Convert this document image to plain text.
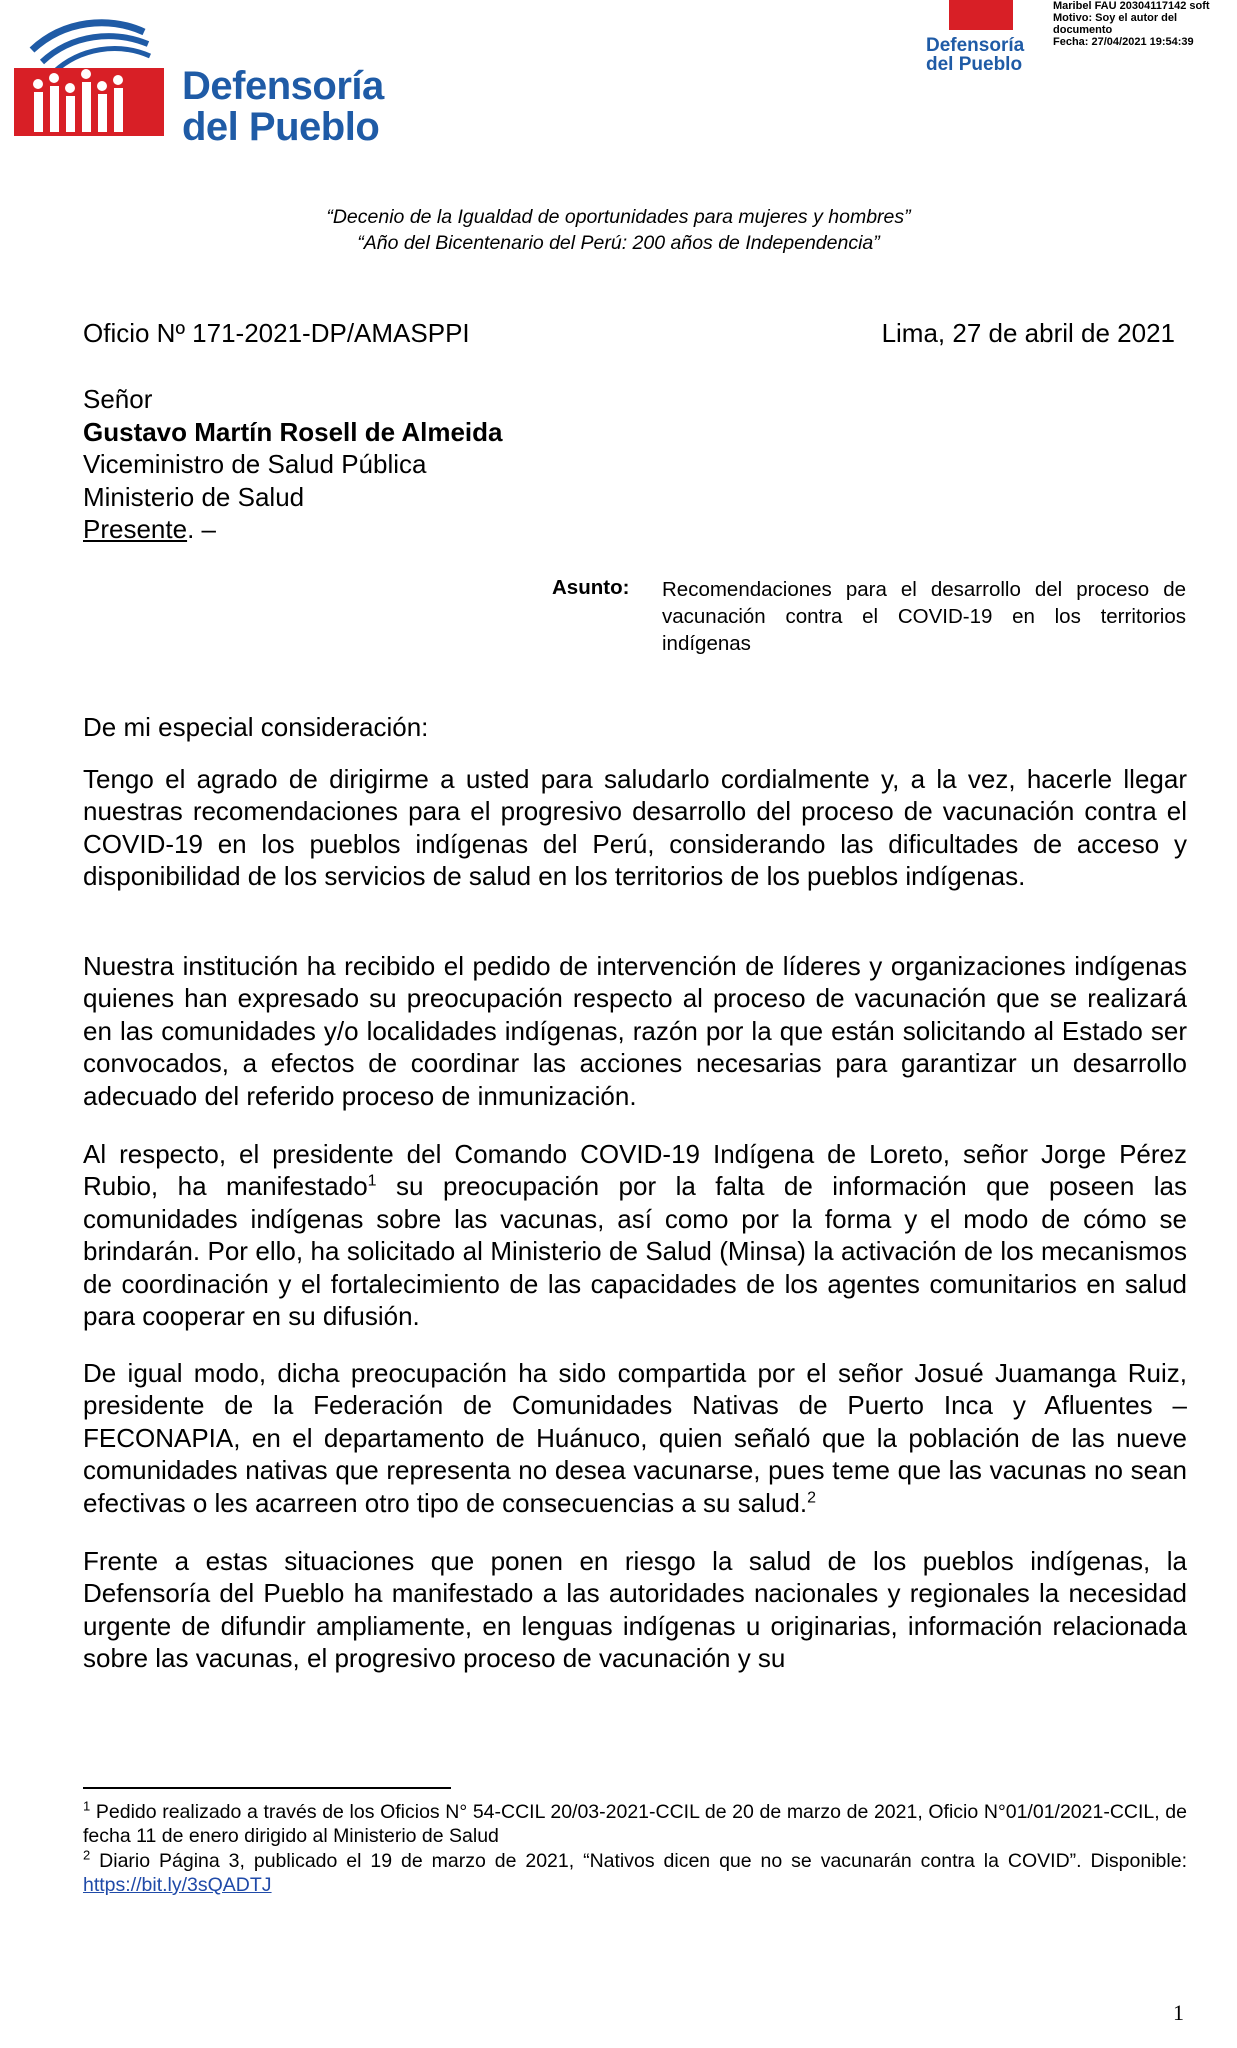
Defensoría
del Pueblo
Defensoría
del Pueblo
Maribel FAU 20304117142 soft
Motivo: Soy el autor del
documento
Fecha: 27/04/2021 19:54:39
“Decenio de la Igualdad de oportunidades para mujeres y hombres”
“Año del Bicentenario del Perú: 200 años de Independencia”
Oficio Nº 171-2021-DP/AMASPPI	Lima, 27 de abril de 2021
Señor
Gustavo Martín Rosell de Almeida
Viceministro de Salud Pública
Ministerio de Salud
Presente. –
Asunto: Recomendaciones para el desarrollo del proceso de vacunación contra el COVID-19 en los territorios indígenas
De mi especial consideración:
Tengo el agrado de dirigirme a usted para saludarlo cordialmente y, a la vez, hacerle llegar nuestras recomendaciones para el progresivo desarrollo del proceso de vacunación contra el COVID-19 en los pueblos indígenas del Perú, considerando las dificultades de acceso y disponibilidad de los servicios de salud en los territorios de los pueblos indígenas.
Nuestra institución ha recibido el pedido de intervención de líderes y organizaciones indígenas quienes han expresado su preocupación respecto al proceso de vacunación que se realizará en las comunidades y/o localidades indígenas, razón por la que están solicitando al Estado ser convocados, a efectos de coordinar las acciones necesarias para garantizar un desarrollo adecuado del referido proceso de inmunización.
Al respecto, el presidente del Comando COVID-19 Indígena de Loreto, señor Jorge Pérez Rubio, ha manifestado$^1$ su preocupación por la falta de información que poseen las comunidades indígenas sobre las vacunas, así como por la forma y el modo de cómo se brindarán. Por ello, ha solicitado al Ministerio de Salud (Minsa) la activación de los mecanismos de coordinación y el fortalecimiento de las capacidades de los agentes comunitarios en salud para cooperar en su difusión.
De igual modo, dicha preocupación ha sido compartida por el señor Josué Juamanga Ruiz, presidente de la Federación de Comunidades Nativas de Puerto Inca y Afluentes – FECONAPIA, en el departamento de Huánuco, quien señaló que la población de las nueve comunidades nativas que representa no desea vacunarse, pues teme que las vacunas no sean efectivas o les acarreen otro tipo de consecuencias a su salud.$^2$
Frente a estas situaciones que ponen en riesgo la salud de los pueblos indígenas, la Defensoría del Pueblo ha manifestado a las autoridades nacionales y regionales la necesidad urgente de difundir ampliamente, en lenguas indígenas u originarias, información relacionada sobre las vacunas, el progresivo proceso de vacunación y su
$^1$ Pedido realizado a través de los Oficios N° 54-CCIL 20/03-2021-CCIL de 20 de marzo de 2021, Oficio N°01/01/2021-CCIL, de fecha 11 de enero dirigido al Ministerio de Salud
$^2$ Diario Página 3, publicado el 19 de marzo de 2021, “Nativos dicen que no se vacunarán contra la COVID”. Disponible: https://bit.ly/3sQADTJ
1
